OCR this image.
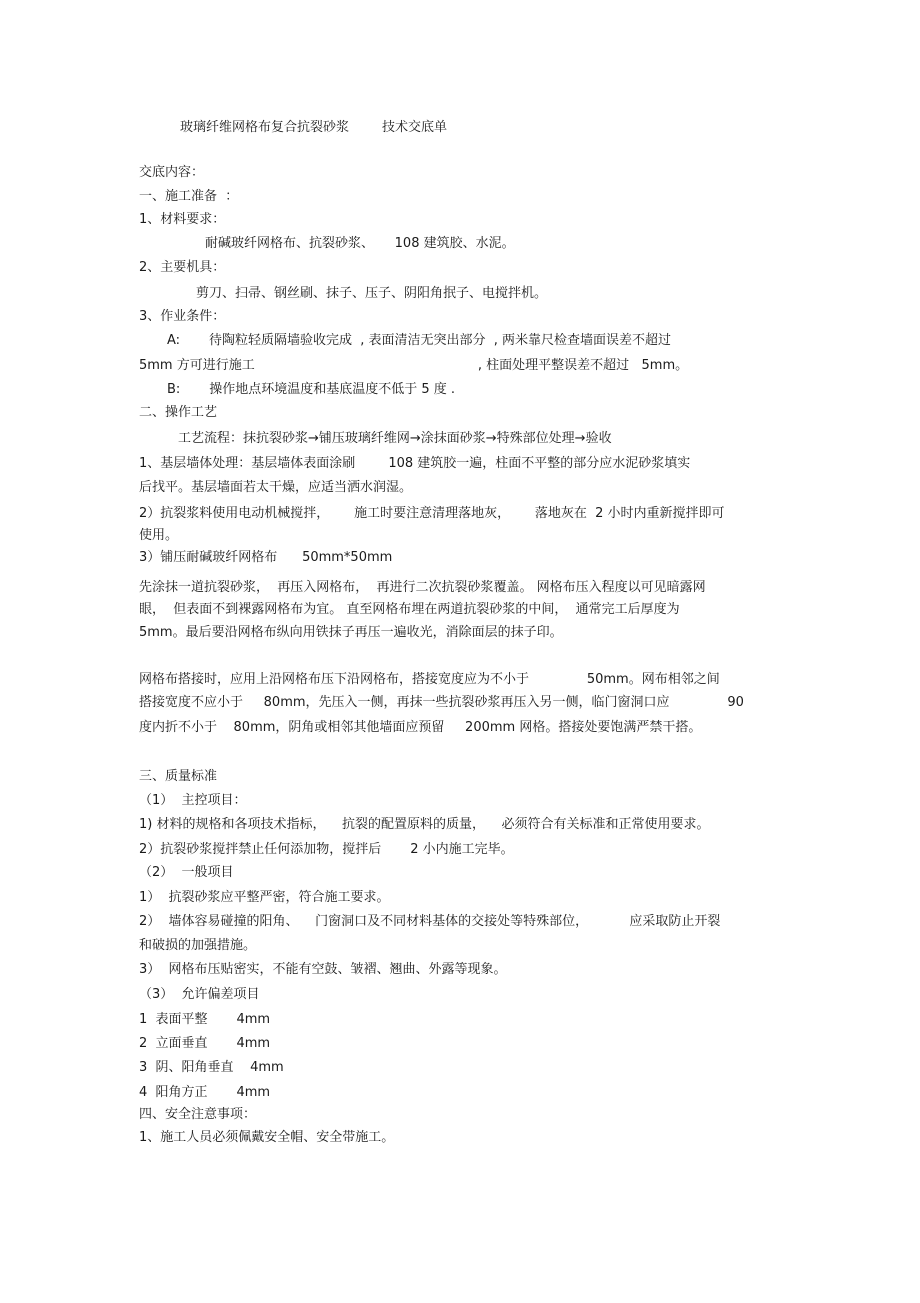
玻璃纤维网格布复合抗裂砂浆        技术交底单
交底内容：
一、施工准备  ：
1、材料要求：
耐碱玻纤网格布、抗裂砂浆、     108 建筑胶、水泥。
2、主要机具：
剪刀、扫帚、钢丝刷、抹子、压子、阴阳角抿子、电搅拌机。
3、作业条件：
A:       待陶粒轻质隔墙验收完成  , 表面清洁无突出部分  , 两米靠尺检查墙面误差不超过
5mm 方可进行施工                                                      , 柱面处理平整误差不超过   5mm。
B:       操作地点环境温度和基底温度不低于 5 度 .
二、操作工艺
工艺流程：抹抗裂砂浆→铺压玻璃纤维网→涂抹面砂浆→特殊部位处理→验收
1、基层墙体处理：基层墙体表面涂刷        108 建筑胶一遍，柱面不平整的部分应水泥砂浆填实
后找平。基层墙面若太干燥，应适当洒水润湿。
2）抗裂浆料使用电动机械搅拌，      施工时要注意清理落地灰，      落地灰在  2 小时内重新搅拌即可
使用。
3）铺压耐碱玻纤网格布      50mm*50mm
先涂抹一道抗裂砂浆，  再压入网格布，  再进行二次抗裂砂浆覆盖。 网格布压入程度以可见暗露网
眼，  但表面不到裸露网格布为宜。 直至网格布埋在两道抗裂砂浆的中间，  通常完工后厚度为
5mm。最后要沿网格布纵向用铁抹子再压一遍收光，消除面层的抹子印。
网格布搭接时，应用上沿网格布压下沿网格布，搭接宽度应为不小于              50mm。网布相邻之间
搭接宽度不应小于     80mm，先压入一侧，再抹一些抗裂砂浆再压入另一侧，临门窗洞口应              90
度内折不小于    80mm，阴角或相邻其他墙面应预留     200mm 网格。搭接处要饱满严禁干搭。
三、质量标准
（1）  主控项目：
1) 材料的规格和各项技术指标，    抗裂的配置原料的质量，    必须符合有关标准和正常使用要求。
2）抗裂砂浆搅拌禁止任何添加物，搅拌后       2 小内施工完毕。
（2）  一般项目
1）  抗裂砂浆应平整严密，符合施工要求。
2）  墙体容易碰撞的阳角、    门窗洞口及不同材料基体的交接处等特殊部位，          应采取防止开裂
和破损的加强措施。
3）  网格布压贴密实，不能有空鼓、皱褶、翘曲、外露等现象。
（3）  允许偏差项目
1  表面平整       4mm
2  立面垂直       4mm
3  阴、阳角垂直    4mm
4  阳角方正       4mm
四、安全注意事项：
1、施工人员必须佩戴安全帽、安全带施工。
